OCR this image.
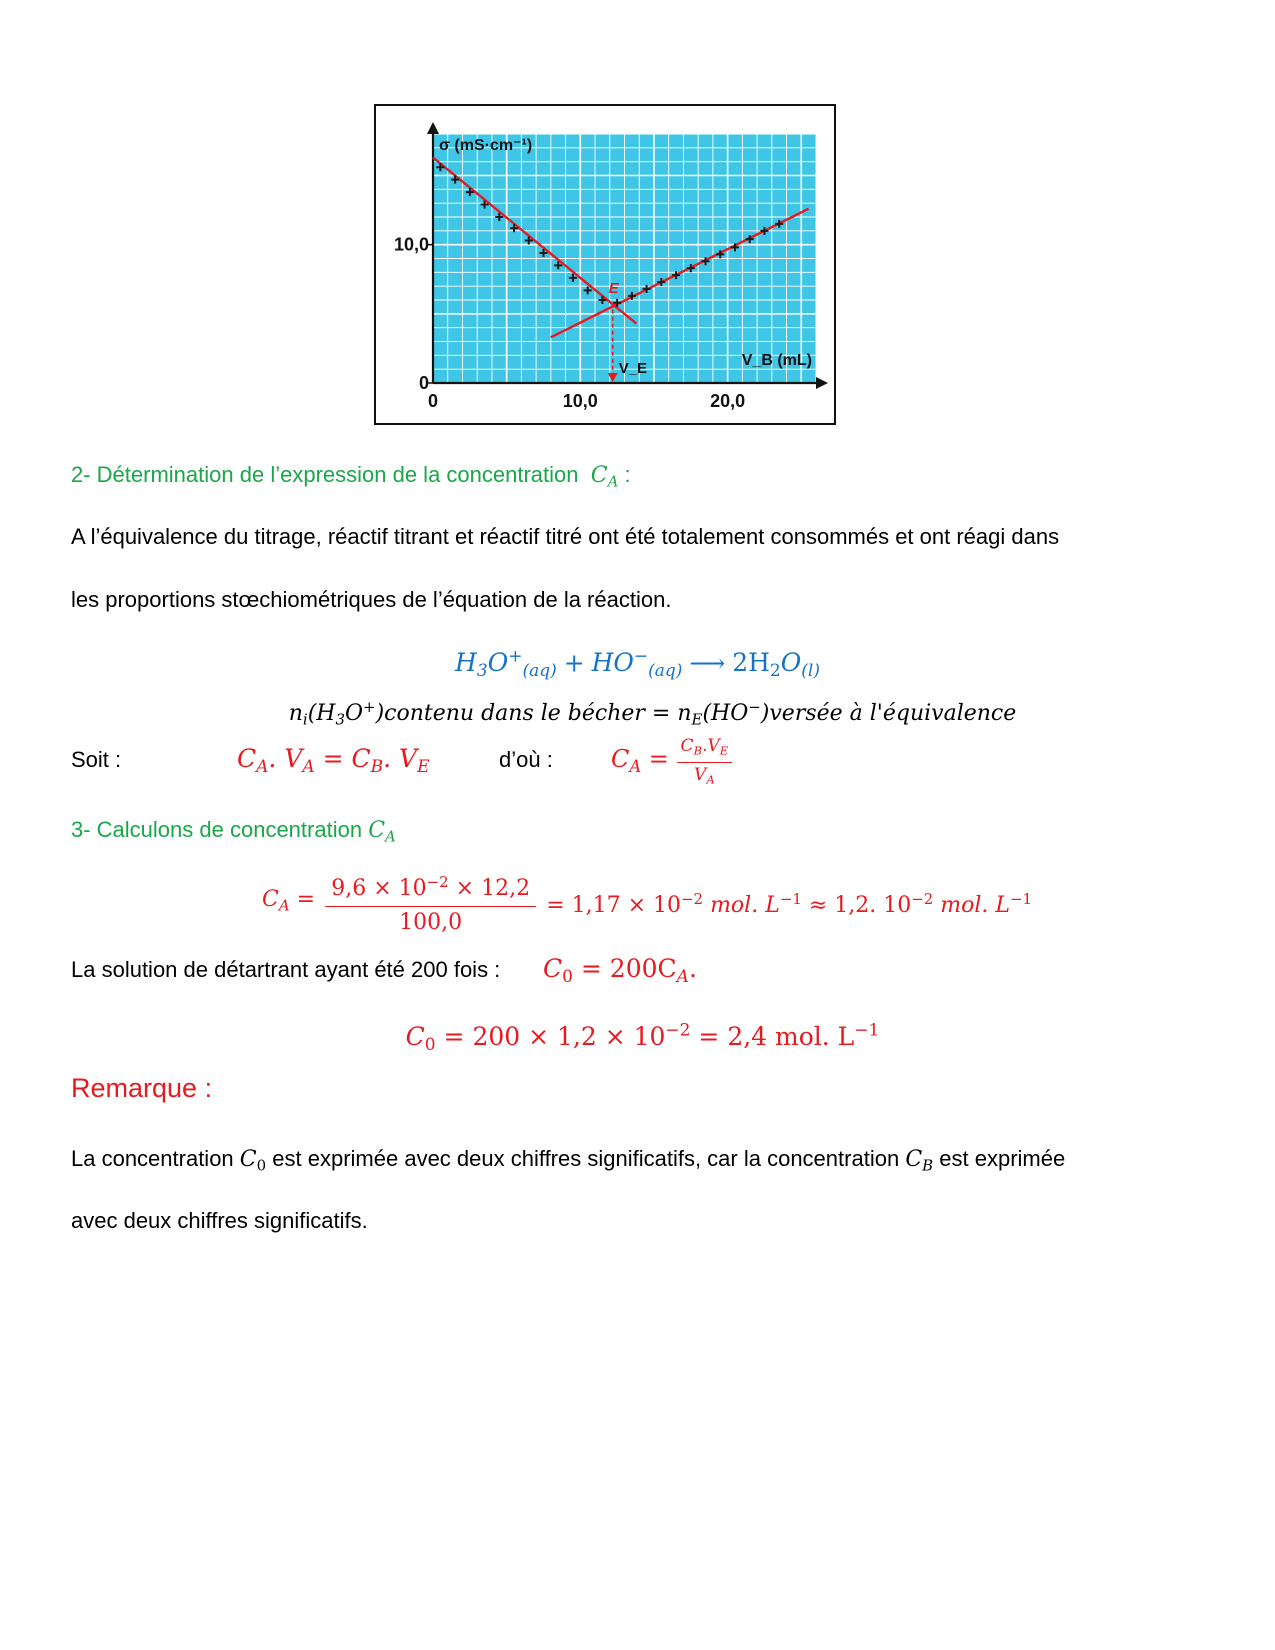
E
V_E
0	10,0	20,0
0
10,0
σ (mS·cm⁻¹)
V_B (mL)
2- Détermination de l’expression de la concentration $C_A$ :
A l’équivalence du titrage, réactif titrant et réactif titré ont été totalement consommés et ont réagi dans
les proportions stœchiométriques de l’équation de la réaction.
$H_3O^+_{(aq)} + HO^-_{(aq)}$ ⟶ $2H_2O_{(l)}$
$n_i(H_3O^+)contenu$ dans le bécher = $n_E(HO^-)versée$ à l'équivalence
Soit :	$C_A$. $V_A = C_B$. $V_E$	d’où : $C_A = \frac{C_B.V_E}{V_A}$
3- Calculons de concentration $C_A$
$C_A = \frac{9,6 \times 10^{-2} \times 12,2}{100,0} = 1,17 \times 10^{-2}$ mol. $L^{-1} \approx 1,2$. $10^{-2}$ mol. $L^{-1}$
La solution de détartrant ayant été 200 fois : $C_0 = 200C_A$.
$C_0 = 200 \times 1,2 \times 10^{-2} = 2,4$ mol. $L^{-1}$
Remarque :
La concentration $C_0$ est exprimée avec deux chiffres significatifs, car la concentration $C_B$ est exprimée
avec deux chiffres significatifs.
